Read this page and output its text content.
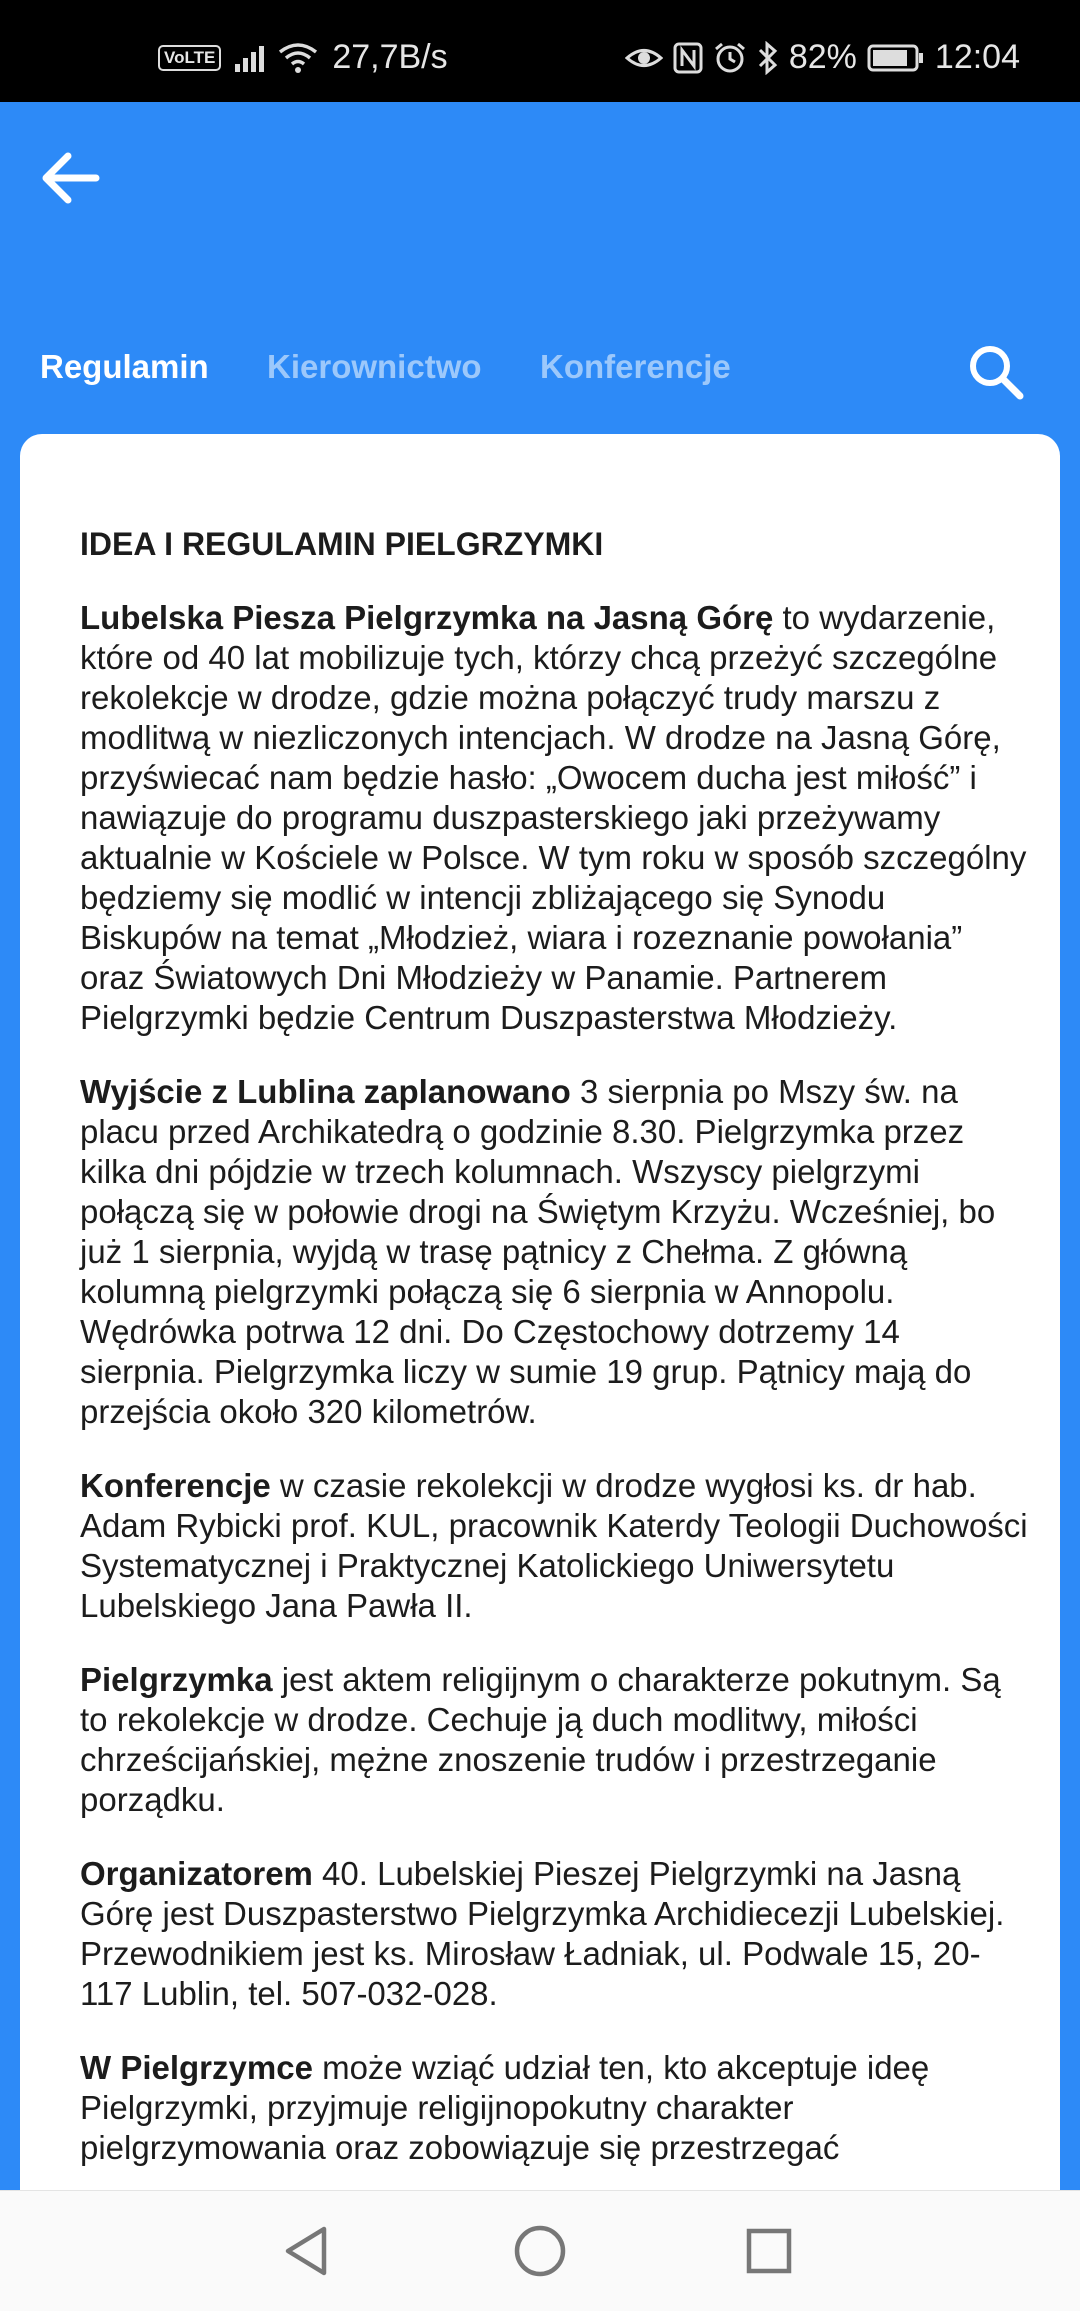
VoLTE	27,7B/s	82% 12:04
Regulamin Kierownictwo Konferencje

IDEA I REGULAMIN PIELGRZYMKI

Lubelska Piesza Pielgrzymka na Jasną Górę to wydarzenie, które od 40 lat mobilizuje tych, którzy chcą przeżyć szczególne rekolekcje w drodze, gdzie można połączyć trudy marszu z modlitwą w niezliczonych intencjach. W drodze na Jasną Górę, przyświecać nam będzie hasło: „Owocem ducha jest miłość” i nawiązuje do programu duszpasterskiego jaki przeżywamy aktualnie w Kościele w Polsce. W tym roku w sposób szczególny będziemy się modlić w intencji zbliżającego się Synodu Biskupów na temat „Młodzież, wiara i rozeznanie powołania” oraz Światowych Dni Młodzieży w Panamie. Partnerem Pielgrzymki będzie Centrum Duszpasterstwa Młodzieży.

Wyjście z Lublina zaplanowano 3 sierpnia po Mszy św. na placu przed Archikatedrą o godzinie 8.30. Pielgrzymka przez kilka dni pójdzie w trzech kolumnach. Wszyscy pielgrzymi połączą się w połowie drogi na Świętym Krzyżu. Wcześniej, bo już 1 sierpnia, wyjdą w trasę pątnicy z Chełma. Z główną kolumną pielgrzymki połączą się 6 sierpnia w Annopolu. Wędrówka potrwa 12 dni. Do Częstochowy dotrzemy 14 sierpnia. Pielgrzymka liczy w sumie 19 grup. Pątnicy mają do przejścia około 320 kilometrów.

Konferencje w czasie rekolekcji w drodze wygłosi ks. dr hab. Adam Rybicki prof. KUL, pracownik Katerdy Teologii Duchowości Systematycznej i Praktycznej Katolickiego Uniwersytetu Lubelskiego Jana Pawła II.

Pielgrzymka jest aktem religijnym o charakterze pokutnym. Są to rekolekcje w drodze. Cechuje ją duch modlitwy, miłości chrześcijańskiej, mężne znoszenie trudów i przestrzeganie porządku.

Organizatorem 40. Lubelskiej Pieszej Pielgrzymki na Jasną Górę jest Duszpasterstwo Pielgrzymka Archidiecezji Lubelskiej. Przewodnikiem jest ks. Mirosław Ładniak, ul. Podwale 15, 20-117 Lublin, tel. 507-032-028.

W Pielgrzymce może wziąć udział ten, kto akceptuje ideę Pielgrzymki, przyjmuje religijnopokutny charakter pielgrzymowania oraz zobowiązuje się przestrzegać
